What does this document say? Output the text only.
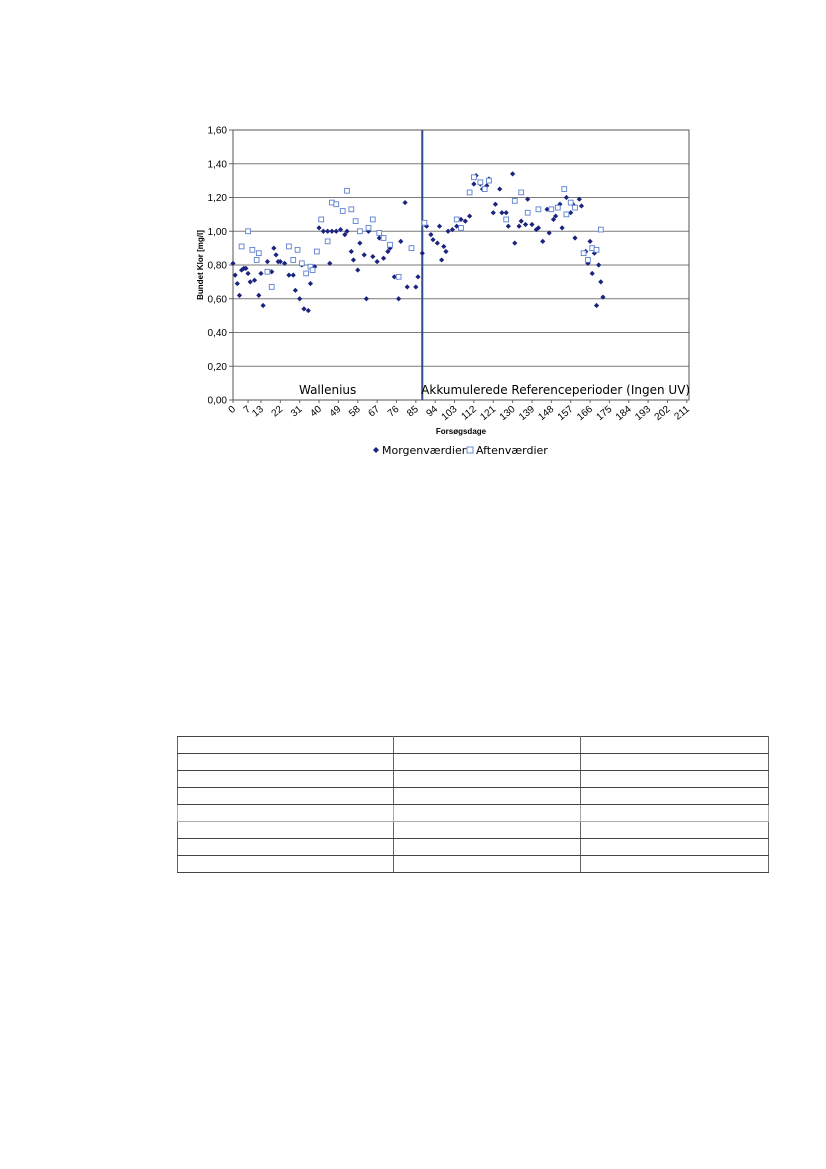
0,00
0,20
0,40
0,60
0,80
1,00
1,20
1,40
1,60
Wallenius	Akkumulerede Referenceperioder (Ingen UV)
0 7
13 22 31 40 49 58 67 76 85 94 103 112 121 130 139 148 157 166 175 184 193 202 211
Forsøgsdage
Bundet Klor [mg/l]
Morgenværdier Aftenværdier
